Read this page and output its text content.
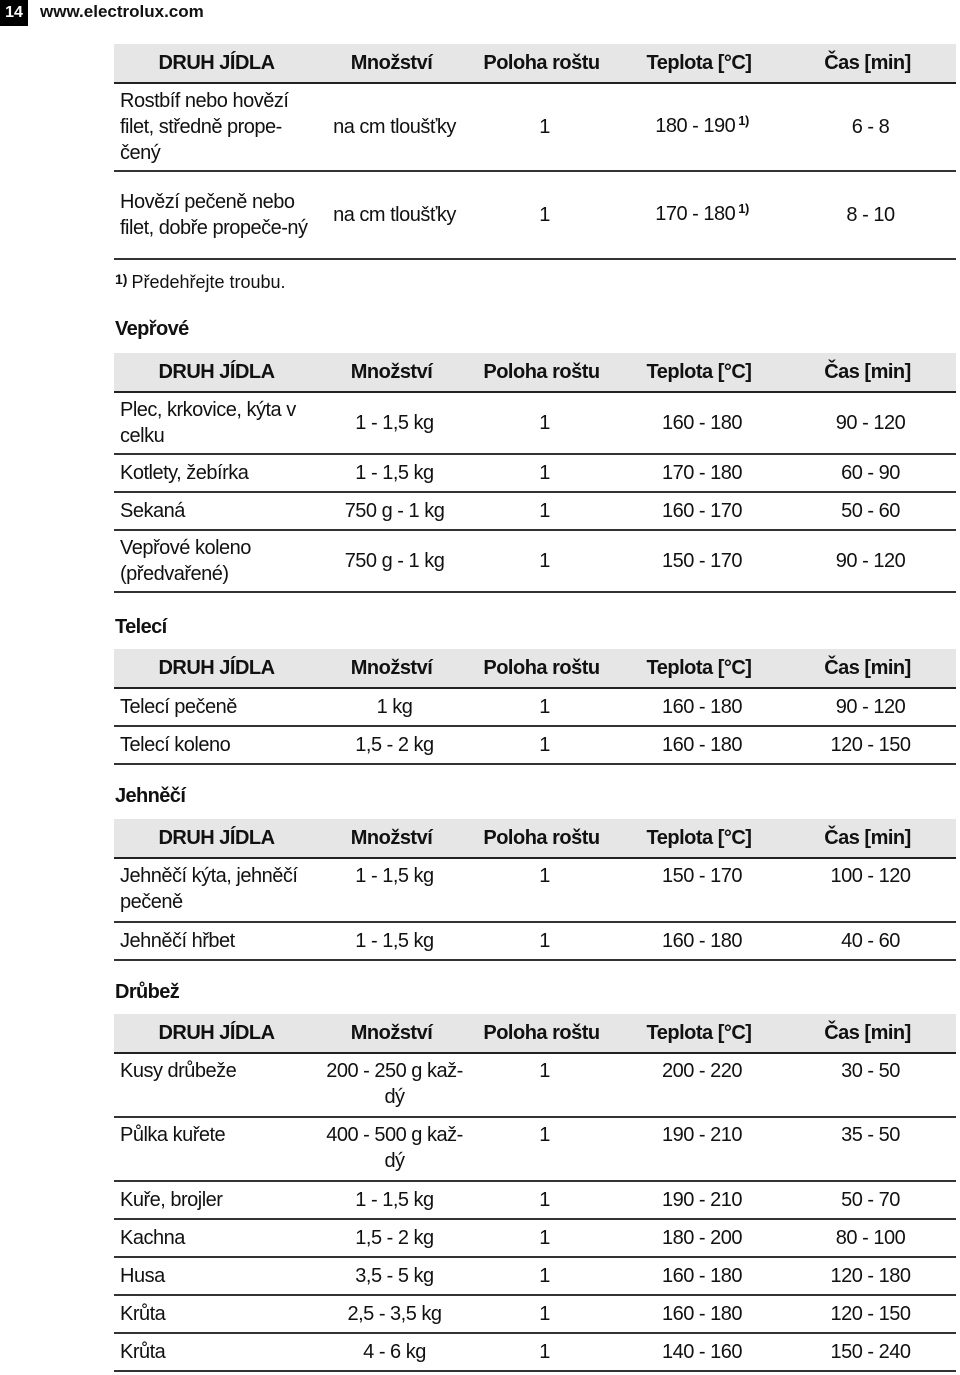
14	www.electrolux.com
DRUH JÍDLA	Množství	Poloha roštu	Teplota [°C]	Čas [min]
Rostbíf nebo hovězí filet, středně prope-čený	na cm tloušťky	1	180 - 190 $^{1)}$	6 - 8
Hovězí pečeně nebo filet, dobře propeče-ný	na cm tloušťky	1	170 - 180 $^{1)}$	8 - 10
$^{1)}$ Předehřejte troubu.
Vepřové
DRUH JÍDLA	Množství	Poloha roštu	Teplota [°C]	Čas [min]
Plec, krkovice, kýta v celku	1 - 1,5 kg	1	160 - 180	90 - 120
Kotlety, žebírka	1 - 1,5 kg	1	170 - 180	60 - 90
Sekaná	750 g - 1 kg	1	160 - 170	50 - 60
Vepřové koleno (předvařené)	750 g - 1 kg	1	150 - 170	90 - 120
Telecí
DRUH JÍDLA	Množství	Poloha roštu	Teplota [°C]	Čas [min]
Telecí pečeně	1 kg	1	160 - 180	90 - 120
Telecí koleno	1,5 - 2 kg	1	160 - 180	120 - 150
Jehněčí
DRUH JÍDLA	Množství	Poloha roštu	Teplota [°C]	Čas [min]
Jehněčí kýta, jehněčí pečeně	1 - 1,5 kg	1	150 - 170	100 - 120
Jehněčí hřbet	1 - 1,5 kg	1	160 - 180	40 - 60
Drůbež
DRUH JÍDLA	Množství	Poloha roštu	Teplota [°C]	Čas [min]
Kusy drůbeže	200 - 250 g kaž-dý	1	200 - 220	30 - 50
Půlka kuřete	400 - 500 g kaž-dý	1	190 - 210	35 - 50
Kuře, brojler	1 - 1,5 kg	1	190 - 210	50 - 70
Kachna	1,5 - 2 kg	1	180 - 200	80 - 100
Husa	3,5 - 5 kg	1	160 - 180	120 - 180
Krůta	2,5 - 3,5 kg	1	160 - 180	120 - 150
Krůta	4 - 6 kg	1	140 - 160	150 - 240
